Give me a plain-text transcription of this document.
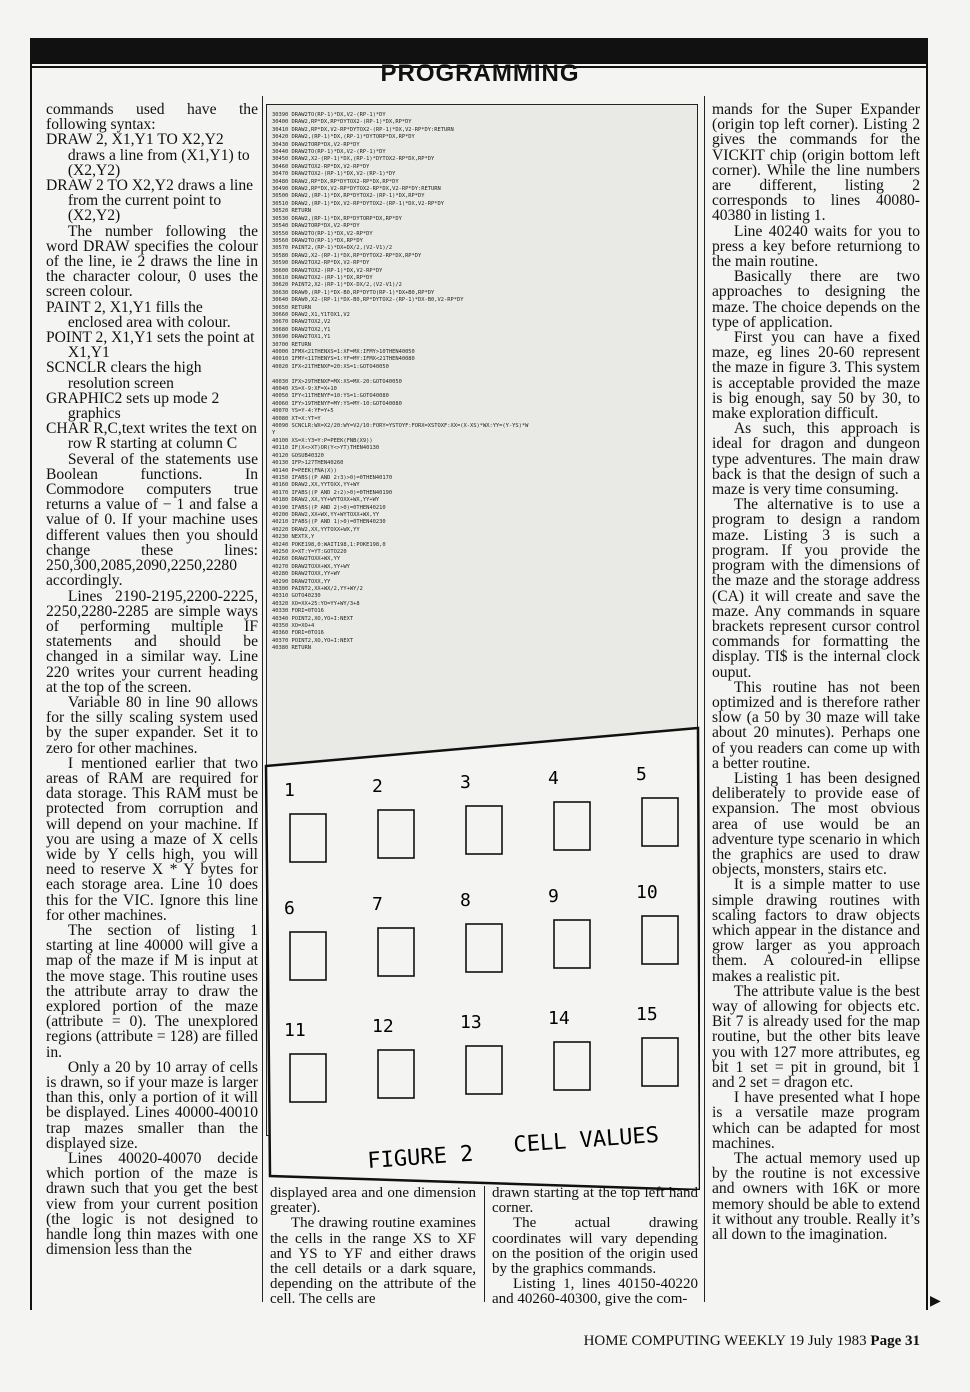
PROGRAMMING

commands used have the following syntax:

DRAW 2, X1,Y1 TO X2,Y2 draws a line from (X1,Y1) to (X2,Y2)

DRAW 2 TO X2,Y2 draws a line from the current point to (X2,Y2)

The number following the word DRAW specifies the colour of the line, ie 2 draws the line in the character colour, 0 uses the screen colour.

PAINT 2, X1,Y1 fills the enclosed area with colour.

POINT 2, X1,Y1 sets the point at X1,Y1

SCNCLR clears the high resolution screen

GRAPHIC2 sets up mode 2 graphics

CHAR R,C,text writes the text on row R starting at column C

Several of the statements use Boolean functions. In Commodore computers true returns a value of − 1 and false a value of 0. If your machine uses different values then you should change these lines: 250,300,2085,2090,2250,2280 accordingly.

Lines 2190-2195,2200-2225, 2250,2280-2285 are simple ways of performing multiple IF statements and should be changed in a similar way. Line 220 writes your current heading at the top of the screen.

Variable 80 in line 90 allows for the silly scaling system used by the super expander. Set it to zero for other machines.

I mentioned earlier that two areas of RAM are required for data storage. This RAM must be protected from corruption and will depend on your machine. If you are using a maze of X cells wide by Y cells high, you will need to reserve X * Y bytes for each storage area. Line 10 does this for the VIC. Ignore this line for other machines.

The section of listing 1 starting at line 40000 will give a map of the maze if M is input at the move stage. This routine uses the attribute array to draw the explored portion of the maze (attribute = 0). The unexplored regions (attribute = 128) are filled in.

Only a 20 by 10 array of cells is drawn, so if your maze is larger than this, only a portion of it will be displayed. Lines 40000-40010 trap mazes smaller than the displayed size.

Lines 40020-40070 decide which portion of the maze is drawn such that you get the best view from your current position (the logic is not designed to handle long thin mazes with one dimension less than the

30390 DRAW2TO(RP-1)*DX,V2-(RP-1)*DY
30400 DRAW2,RP*DX,RP*DYTOX2-(RP-1)*DX,RP*DY
30410 DRAW2,RP*DX,V2-RP*DYTOX2-(RP-1)*DX,V2-RP*DY:RETURN
30420 DRAW2,(RP-1)*DX,(RP-1)*DYTORP*DX,RP*DY
30430 DRAW2TORP*DX,V2-RP*DY
30440 DRAW2TO(RP-1)*DX,V2-(RP-1)*DY
30450 DRAW2,X2-(RP-1)*DX,(RP-1)*DYTOX2-RP*DX,RP*DY
30460 DRAW2TOX2-RP*DX,V2-RP*DY
30470 DRAW2TOX2-(RP-1)*DX,V2-(RP-1)*DY
30480 DRAW2,RP*DX,RP*DYTOX2-RP*DX,RP*DY
30490 DRAW2,RP*DX,V2-RP*DYTOX2-RP*DX,V2-RP*DY:RETURN
30500 DRAW2,(RP-1)*DX,RP*DYTOX2-(RP-1)*DX,RP*DY
30510 DRAW2,(RP-1)*DX,V2-RP*DYTOX2-(RP-1)*DX,V2-RP*DY
30520 RETURN
30530 DRAW2,(RP-1)*DX,RP*DYTORP*DX,RP*DY
30540 DRAW2TORP*DX,V2-RP*DY
30550 DRAW2TO(RP-1)*DX,V2-RP*DY
30560 DRAW2TO(RP-1)*DX,RP*DY
30570 PAINT2,(RP-1)*DX+DX/2,(V2-V1)/2
30580 DRAW2,X2-(RP-1)*DX,RP*DYTOX2-RP*DX,RP*DY
30590 DRAW2TOX2-RP*DX,V2-RP*DY
30600 DRAW2TOX2-(RP-1)*DX,V2-RP*DY
30610 DRAW2TOX2-(RP-1)*DX,RP*DY
30620 PAINT2,X2-(RP-1)*DX-DX/2,(V2-V1)/2
30630 DRAW0,(RP-1)*DX-B0,RP*DYTO(RP-1)*DX+B0,RP*DY
30640 DRAW0,X2-(RP-1)*DX-B0,RP*DYTOX2-(RP-1)*DX-B0,V2-RP*DY
30650 RETURN
30660 DRAW2,X1,Y1TOX1,V2
30670 DRAW2TOX2,V2
30680 DRAW2TOX2,Y1
30690 DRAW2TOX1,Y1
30700 RETURN
40000 IFMX<21THENXS=1:XF=MX:IFMY>10THEN40050
40010 IFMY<11THENYS=1:YF=MY:IFMX<21THEN40080
40020 IFX<21THENXF=20:XS=1:GOTO40050

40030 IFX>29THENXF=MX:XS=MX-20:GOTO40050
40040 XS=X-9:XF=X+10
40050 IFY<11THENYF=10:YS=1:GOTO40080
40060 IFY>19THENYF=MY:YS=MY-10:GOTO40080
40070 YS=Y-4:YF=Y+5
40080 XT=X:YT=Y
40090 SCNCLR:WX=X2/20:WY=V2/10:FORY=YSTOYF:FORX=XSTOXF:XX=(X-XS)*WX:YY=(Y-YS)*W
Y
40100 XS=X:Y3=Y:P=PEEK(FNB(X9))
40110 IF(X<>XT)OR(Y<>YT)THEN40130
40120 GOSUB40320
40130 IFP>127THEN40260
40140 P=PEEK(FNA(X))
40150 IFABS((P AND 2↑3)>0)=0THEN40170
40160 DRAW2,XX,YYTOXX,YY+WY
40170 IFABS((P AND 2↑2)>0)=0THEN40190
40180 DRAW2,XX,YY+WYTOXX+WX,YY+WY
40190 IFABS((P AND 2)>0)=0THEN40210
40200 DRAW2,XX+WX,YY+WYTOXX+WX,YY
40210 IFABS((P AND 1)>0)=0THEN40230
40220 DRAW2,XX,YYTOXX+WX,YY
40230 NEXTX,Y
40240 POKE198,0:WAIT198,1:POKE198,0
40250 X=XT:Y=YT:GOTO220
40260 DRAW2TOXX+WX,YY
40270 DRAW2TOXX+WX,YY+WY
40280 DRAW2TOXX,YY+WY
40290 DRAW2TOXX,YY
40300 PAINT2,XX+WX/2,YY+WY/2
40310 GOTO40230
40320 XO=XX+25:YO=YY+WY/3+8
40330 FORI=0TO16
40340 POINT2,XO,YO+I:NEXT
40350 XO=XO+4
40360 FORI=0TO16
40370 POINT2,XO,YO+I:NEXT
40380 RETURN
1	2	3	4	5
6	7	8	9	10
11	12	13	14	15
FIGURE 2 CELL VALUES

displayed area and one dimension greater).

The drawing routine examines the cells in the range XS to XF and YS to YF and either draws the cell details or a dark square, depending on the attribute of the cell. The cells are

drawn starting at the top left hand corner.

The actual drawing coordinates will vary depending on the position of the origin used by the graphics commands.

Listing 1, lines 40150-40220 and 40260-40300, give the com-

mands for the Super Expander (origin top left corner). Listing 2 gives the commands for the VICKIT chip (origin bottom left corner). While the line numbers are different, listing 2 corresponds to lines 40080-40380 in listing 1.

Line 40240 waits for you to press a key before returniong to the main routine.

Basically there are two approaches to designing the maze. The choice depends on the type of application.

First you can have a fixed maze, eg lines 20-60 represent the maze in figure 3. This system is acceptable provided the maze is big enough, say 50 by 30, to make exploration difficult.

As such, this approach is ideal for dragon and dungeon type adventures. The main draw back is that the design of such a maze is very time consuming.

The alternative is to use a program to design a random maze. Listing 3 is such a program. If you provide the program with the dimensions of the maze and the storage address (CA) it will create and save the maze. Any commands in square brackets represent cursor control commands for formatting the display. TI$ is the internal clock ouput.

This routine has not been optimized and is therefore rather slow (a 50 by 30 maze will take about 20 minutes). Perhaps one of you readers can come up with a better routine.

Listing 1 has been designed deliberately to provide ease of expansion. The most obvious area of use would be an adventure type scenario in which the graphics are used to draw objects, monsters, stairs etc.

It is a simple matter to use simple drawing routines with scaling factors to draw objects which appear in the distance and grow larger as you approach them. A coloured-in ellipse makes a realistic pit.

The attribute value is the best way of allowing for objects etc. Bit 7 is already used for the map routine, but the other bits leave you with 127 more attributes, eg bit 1 set = pit in ground, bit 1 and 2 set = dragon etc.

I have presented what I hope is a versatile maze program which can be adapted for most machines.

The actual memory used up by the routine is not excessive and owners with 16K or more memory should be able to extend it without any trouble. Really it’s all down to the imagination.

▶
HOME COMPUTING WEEKLY 19 July 1983 Page 31
